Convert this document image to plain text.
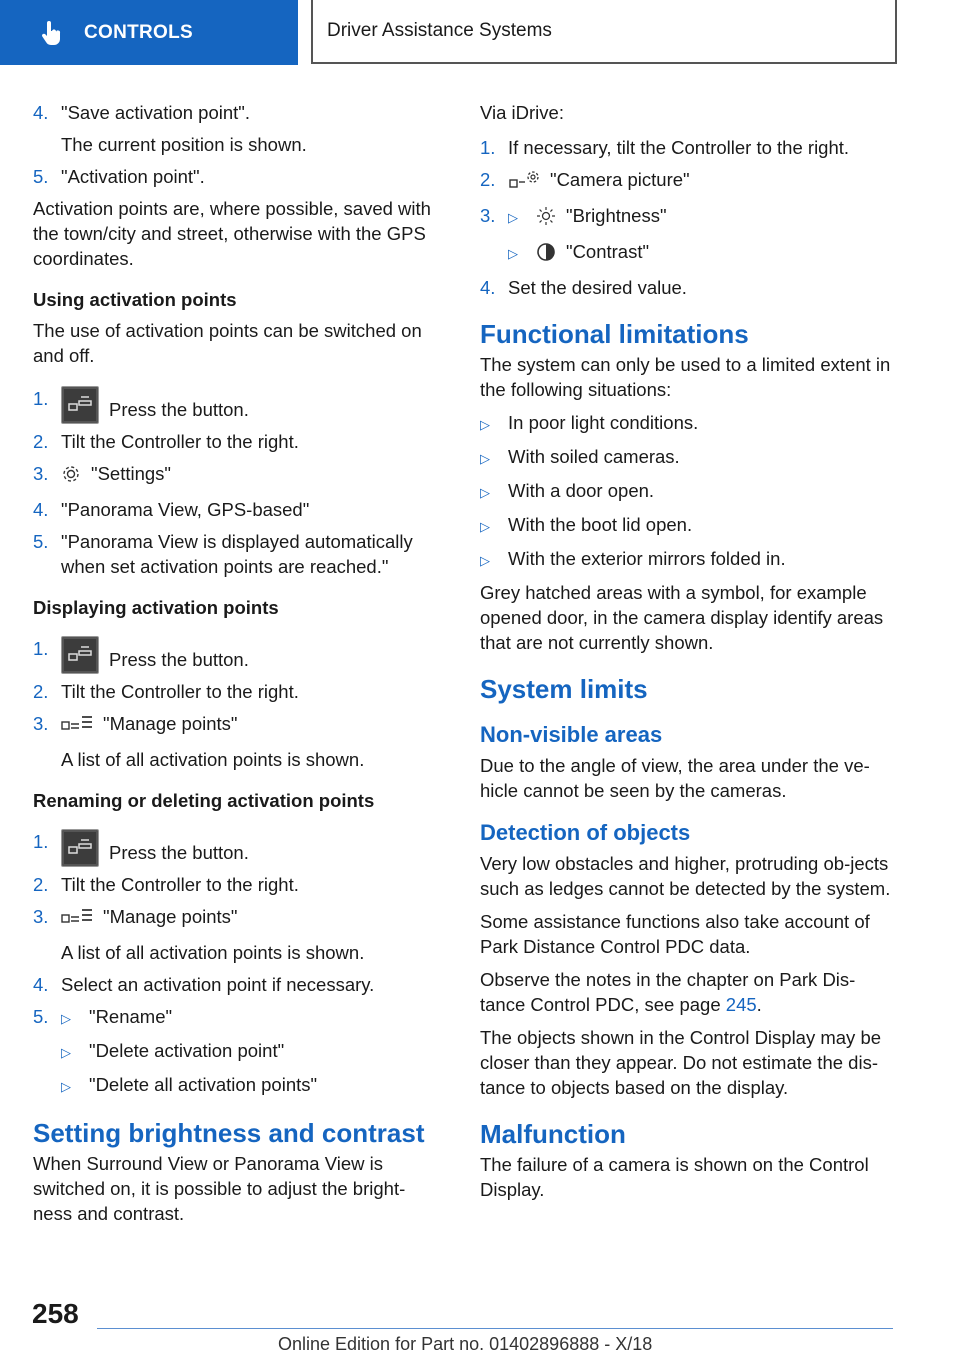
CONTROLS	Driver Assistance Systems
4. "Save activation point".
The current position is shown.
5. "Activation point".

Activation points are, where possible, saved with the town/city and street, otherwise with the GPS coordinates.

Using activation points

The use of activation points can be switched on and off.

1.
Press the button.
2. Tilt the Controller to the right.
3.	"Settings"
4. "Panorama View, GPS-based"
5. "Panorama View is displayed automatically when set activation points are reached."
Displaying activation points
1.
Press the button.
2. Tilt the Controller to the right.
3.	"Manage points"
A list of all activation points is shown.
Renaming or deleting activation points
1.
Press the button.
2. Tilt the Controller to the right.
3.	"Manage points"
A list of all activation points is shown.
4. Select an activation point if necessary.
5. ▷ "Rename"
▷ "Delete activation point"
▷ "Delete all activation points"
Setting brightness and contrast

When Surround View or Panorama View is switched on, it is possible to adjust the bright‐ness and contrast.

Via iDrive:

1. If necessary, tilt the Controller to the right.
2.	"Camera picture"
3. ▷	"Brightness"
▷	"Contrast"
4. Set the desired value.
Functional limitations

The system can only be used to a limited extent in the following situations:

▷ In poor light conditions.
▷ With soiled cameras.
▷ With a door open.
▷ With the boot lid open.
▷ With the exterior mirrors folded in.

Grey hatched areas with a symbol, for example opened door, in the camera display identify areas that are not currently shown.

System limits
Non-visible areas

Due to the angle of view, the area under the ve‐hicle cannot be seen by the cameras.

Detection of objects

Very low obstacles and higher, protruding ob‐jects such as ledges cannot be detected by the system.

Some assistance functions also take account of Park Distance Control PDC data.

Observe the notes in the chapter on Park Dis‐tance Control PDC, see page 245.

The objects shown in the Control Display may be closer than they appear. Do not estimate the dis‐tance to objects based on the display.

Malfunction

The failure of a camera is shown on the Control Display.

258
Online Edition for Part no. 01402896888 - X/18
